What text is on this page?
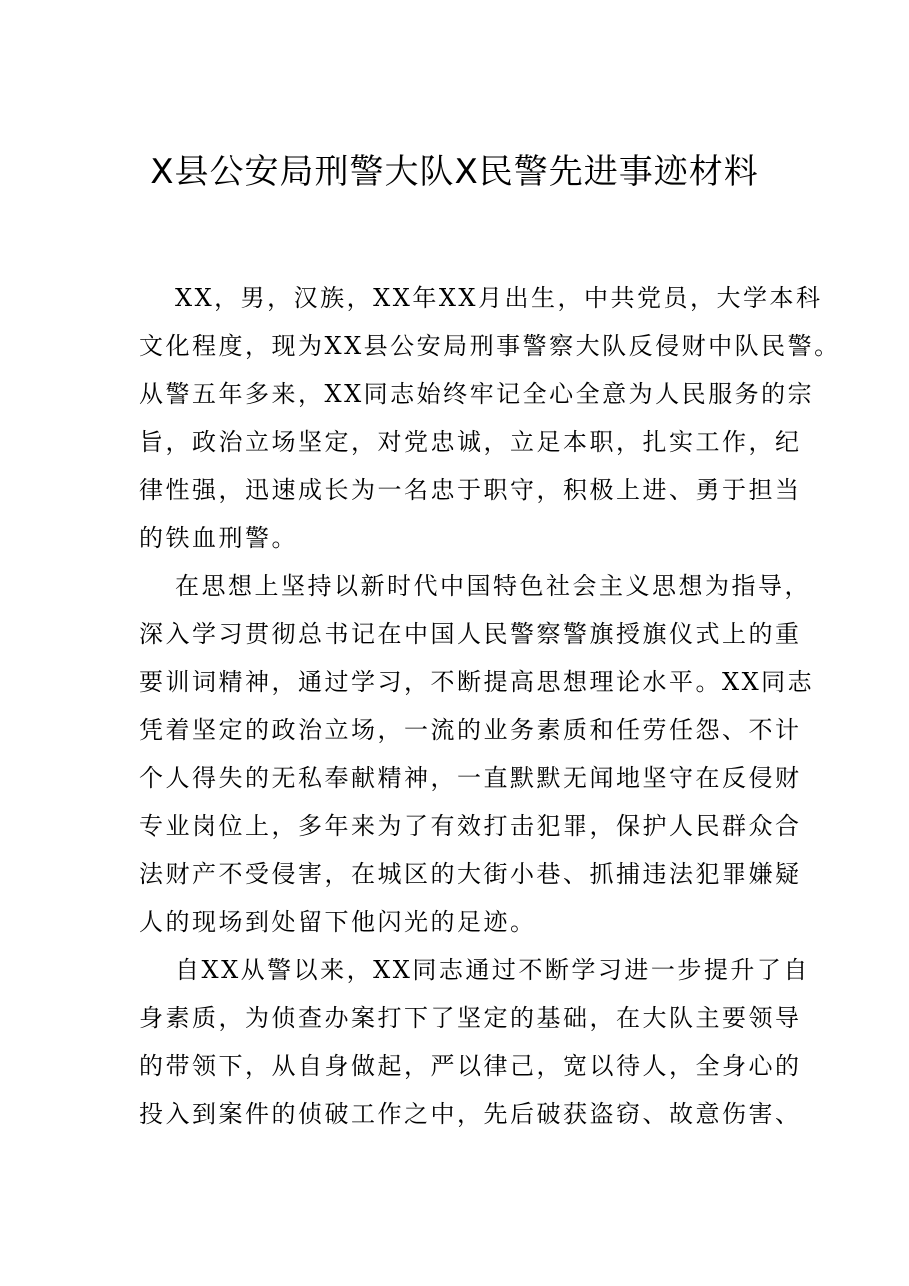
X县公安局刑警大队X民警先进事迹材料
XX，男，汉族，XX年XX月出生，中共党员，大学本科
文化程度，现为XX县公安局刑事警察大队反侵财中队民警。
从警五年多来，XX同志始终牢记全心全意为人民服务的宗
旨，政治立场坚定，对党忠诚，立足本职，扎实工作，纪
律性强，迅速成长为一名忠于职守，积极上进、勇于担当
的铁血刑警。
在思想上坚持以新时代中国特色社会主义思想为指导，
深入学习贯彻总书记在中国人民警察警旗授旗仪式上的重
要训词精神，通过学习，不断提高思想理论水平。XX同志
凭着坚定的政治立场，一流的业务素质和任劳任怨、不计
个人得失的无私奉献精神，一直默默无闻地坚守在反侵财
专业岗位上，多年来为了有效打击犯罪，保护人民群众合
法财产不受侵害，在城区的大街小巷、抓捕违法犯罪嫌疑
人的现场到处留下他闪光的足迹。
自XX从警以来，XX同志通过不断学习进一步提升了自
身素质，为侦查办案打下了坚定的基础，在大队主要领导
的带领下，从自身做起，严以律己，宽以待人，全身心的
投入到案件的侦破工作之中，先后破获盗窃、故意伤害、
